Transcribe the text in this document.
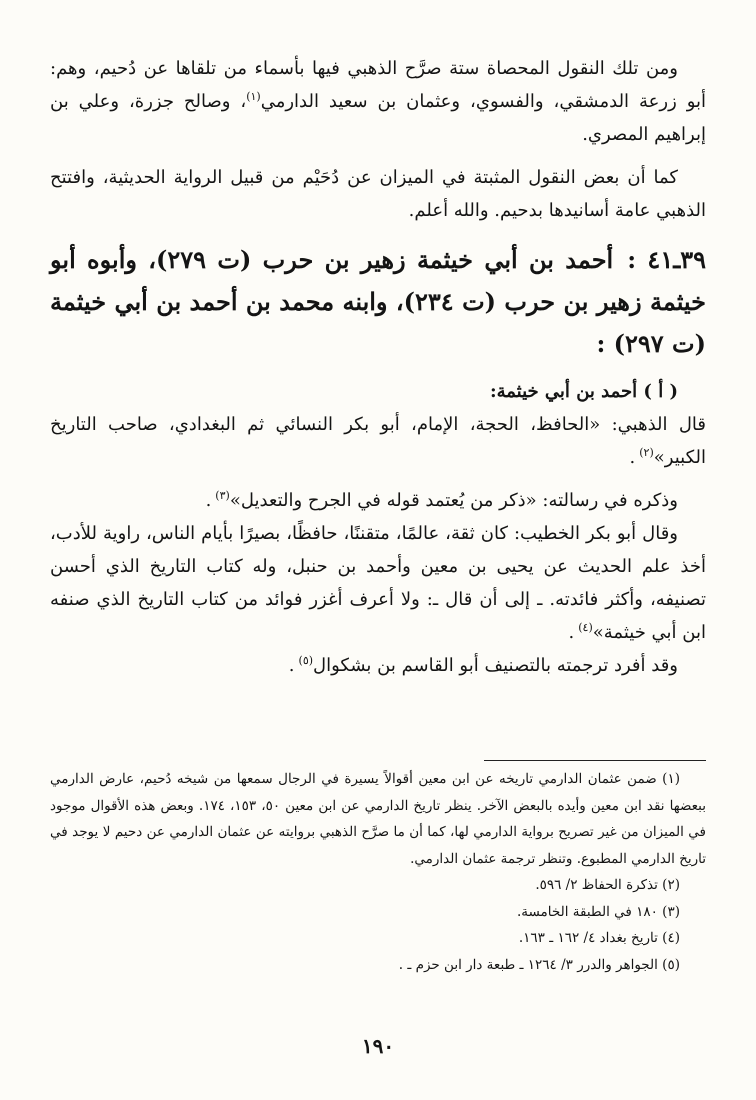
ومن تلك النقول المحصاة ستة صرَّح الذهبي فيها بأسماء من تلقاها عن دُحيم، وهم: أبو زرعة الدمشقي، والفسوي، وعثمان بن سعيد الدارمي$^{(١)}$، وصالح جزرة، وعلي بن إبراهيم المصري.

كما أن بعض النقول المثبتة في الميزان عن دُحَيْم من قبيل الرواية الحديثية، وافتتح الذهبي عامة أسانيدها بدحيم. والله أعلم.

٣٩ـ٤١ :أحمد بن أبي خيثمة زهير بن حرب (ت ٢٧٩)، وأبوه أبو خيثمة زهير بن حرب (ت ٢٣٤)، وابنه محمد بن أحمد بن أبي خيثمة (ت ٢٩٧) :

( أ ) أحمد بن أبي خيثمة:

قال الذهبي: «الحافظ، الحجة، الإمام، أبو بكر النسائي ثم البغدادي، صاحب التاريخ الكبير»$^{(٢)}$.

وذكره في رسالته: «ذكر من يُعتمد قوله في الجرح والتعديل»$^{(٣)}$.

وقال أبو بكر الخطيب: كان ثقة، عالمًا، متقننًا، حافظًا، بصيرًا بأيام الناس، راوية للأدب، أخذ علم الحديث عن يحيى بن معين وأحمد بن حنبل، وله كتاب التاريخ الذي أحسن تصنيفه، وأكثر فائدته. ـ إلى أن قال ـ: ولا أعرف أغزر فوائد من كتاب التاريخ الذي صنفه ابن أبي خيثمة»$^{(٤)}$.

وقد أفرد ترجمته بالتصنيف أبو القاسم بن بشكوال$^{(٥)}$.

(١) ضمن عثمان الدارمي تاريخه عن ابن معين أقوالاً يسيرة في الرجال سمعها من شيخه دُحيم، عارض الدارمي ببعضها نقد ابن معين وأيده بالبعض الآخر. ينظر تاريخ الدارمي عن ابن معين ٥٠، ١٥٣، ١٧٤. وبعض هذه الأقوال موجود في الميزان من غير تصريح برواية الدارمي لها، كما أن ما صرَّح الذهبي بروايته عن عثمان الدارمي عن دحيم لا يوجد في تاريخ الدارمي المطبوع. وتنظر ترجمة عثمان الدارمي.

(٢) تذكرة الحفاظ ٢/ ٥٩٦.

(٣) ١٨٠ في الطبقة الخامسة.

(٤) تاريخ بغداد ٤/ ١٦٢ ـ ١٦٣.

(٥) الجواهر والدرر ٣/ ١٢٦٤ ـ طبعة دار ابن حزم ـ .

١٩٠
